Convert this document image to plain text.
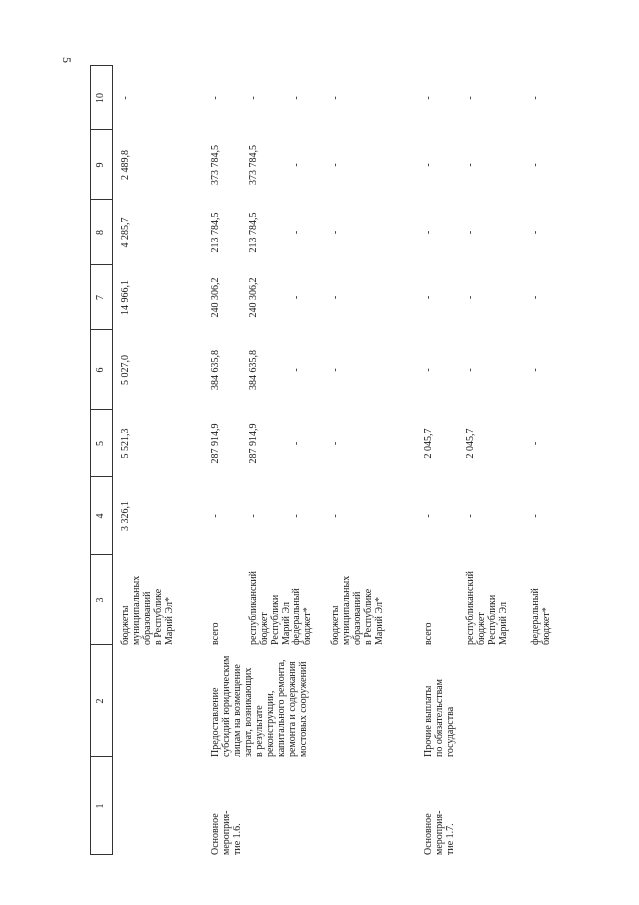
5
1
2
3
4
5
6
7
8
9
10
бюджеты
муниципальных
образований
в Республике
Марий Эл*
3 326,1
5 521,3
5 027,0
14 966,1
4 285,7
2 489,8
-
Основное
мероприя-
тие 1.6.
Предоставление
субсидий юридическим
лицам на возмещение
затрат, возникающих
в результате
реконструкции,
капитального ремонта,
ремонта и содержания
мостовых сооружений
всего
-
287 914,9
384 635,8
240 306,2
213 784,5
373 784,5
-
республиканский
бюджет
Республики
Марий Эл
-
287 914,9
384 635,8
240 306,2
213 784,5
373 784,5
-
федеральный
бюджет*
-
-
-
-
-
-
-
бюджеты
муниципальных
образований
в Республике
Марий Эл*
-
-
-
-
-
-
-
Основное
мероприя-
тие 1.7.
Прочие выплаты
по обязательствам
государства
всего
-
2 045,7
-
-
-
-
-
республиканский
бюджет
Республики
Марий Эл
-
2 045,7
-
-
-
-
-
федеральный
бюджет*
-
-
-
-
-
-
-
